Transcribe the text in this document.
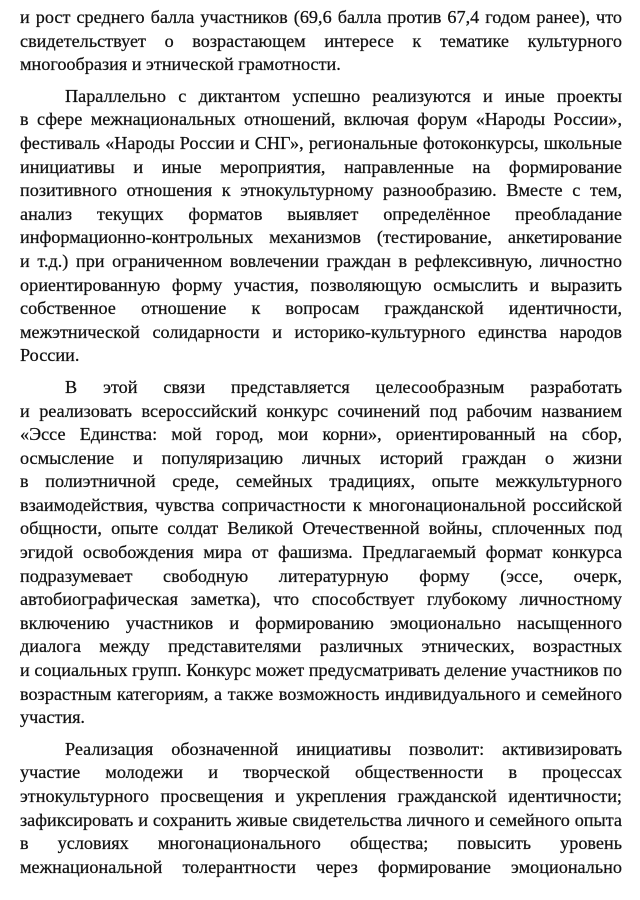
и рост среднего балла участников (69,6 балла против 67,4 годом ранее), что
свидетельствует о возрастающем интересе к тематике культурного
многообразия и этнической грамотности.
Параллельно с диктантом успешно реализуются и иные проекты
в сфере межнациональных отношений, включая форум «Народы России»,
фестиваль «Народы России и СНГ», региональные фотоконкурсы, школьные
инициативы и иные мероприятия, направленные на формирование
позитивного отношения к этнокультурному разнообразию. Вместе с тем,
анализ текущих форматов выявляет определённое преобладание
информационно-контрольных механизмов (тестирование, анкетирование
и т.д.) при ограниченном вовлечении граждан в рефлексивную, личностно
ориентированную форму участия, позволяющую осмыслить и выразить
собственное отношение к вопросам гражданской идентичности,
межэтнической солидарности и историко-культурного единства народов
России.
В этой связи представляется целесообразным разработать
и реализовать всероссийский конкурс сочинений под рабочим названием
«Эссе Единства: мой город, мои корни», ориентированный на сбор,
осмысление и популяризацию личных историй граждан о жизни
в полиэтничной среде, семейных традициях, опыте межкультурного
взаимодействия, чувства сопричастности к многонациональной российской
общности, опыте солдат Великой Отечественной войны, сплоченных под
эгидой освобождения мира от фашизма. Предлагаемый формат конкурса
подразумевает свободную литературную форму (эссе, очерк,
автобиографическая заметка), что способствует глубокому личностному
включению участников и формированию эмоционально насыщенного
диалога между представителями различных этнических, возрастных
и социальных групп. Конкурс может предусматривать деление участников по
возрастным категориям, а также возможность индивидуального и семейного
участия.
Реализация обозначенной инициативы позволит: активизировать
участие молодежи и творческой общественности в процессах
этнокультурного просвещения и укрепления гражданской идентичности;
зафиксировать и сохранить живые свидетельства личного и семейного опыта
в условиях многонационального общества; повысить уровень
межнациональной толерантности через формирование эмоционально
